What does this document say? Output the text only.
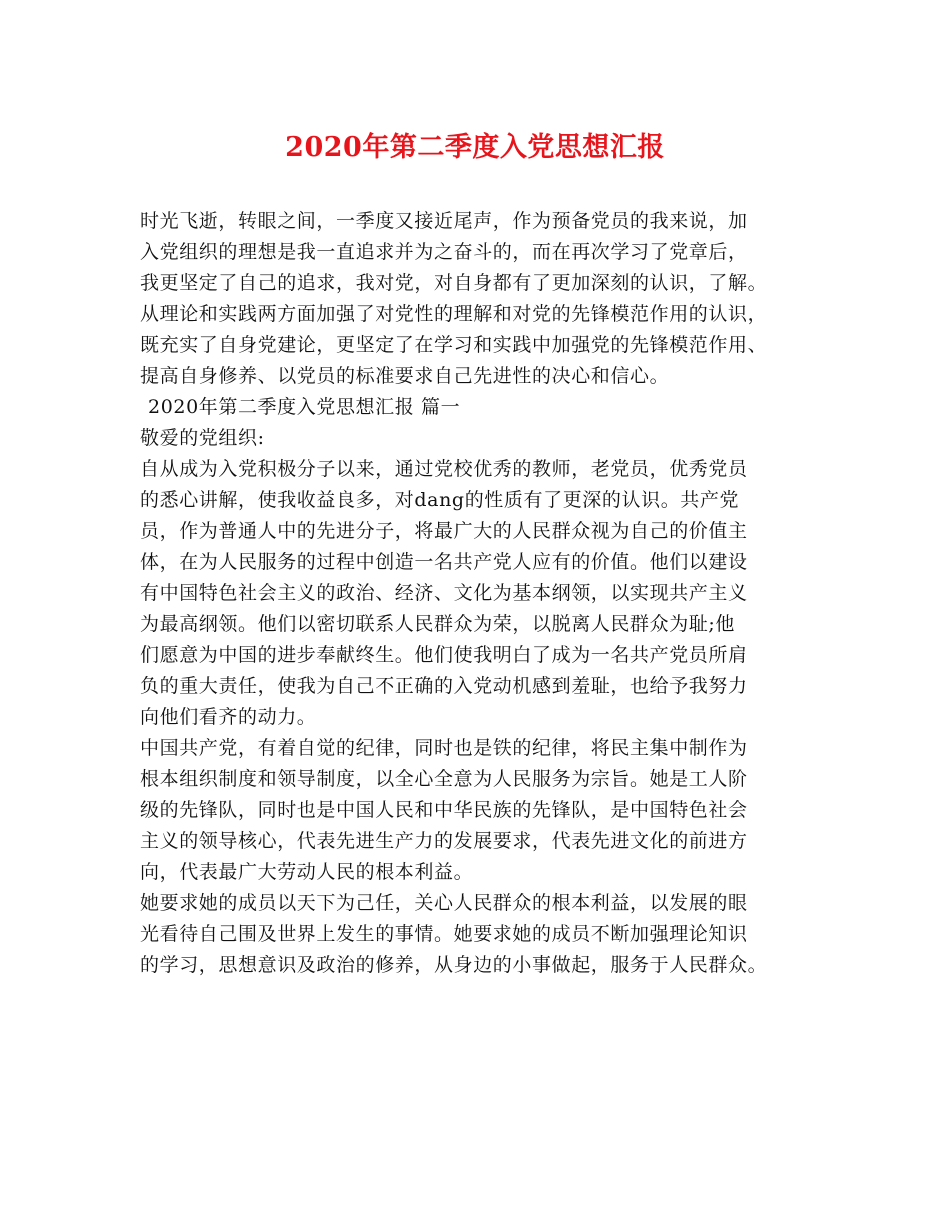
2020年第二季度入党思想汇报
时光飞逝，转眼之间，一季度又接近尾声，作为预备党员的我来说，加
入党组织的理想是我一直追求并为之奋斗的，而在再次学习了党章后，
我更坚定了自己的追求，我对党，对自身都有了更加深刻的认识，了解。
从理论和实践两方面加强了对党性的理解和对党的先锋模范作用的认识，
既充实了自身党建论，更坚定了在学习和实践中加强党的先锋模范作用、
提高自身修养、以党员的标准要求自己先进性的决心和信心。
2020年第二季度入党思想汇报 篇一
敬爱的党组织:
自从成为入党积极分子以来，通过党校优秀的教师，老党员，优秀党员
的悉心讲解，使我收益良多，对dang的性质有了更深的认识。共产党
员，作为普通人中的先进分子，将最广大的人民群众视为自己的价值主
体，在为人民服务的过程中创造一名共产党人应有的价值。他们以建设
有中国特色社会主义的政治、经济、文化为基本纲领，以实现共产主义
为最高纲领。他们以密切联系人民群众为荣，以脱离人民群众为耻;他
们愿意为中国的进步奉献终生。他们使我明白了成为一名共产党员所肩
负的重大责任，使我为自己不正确的入党动机感到羞耻，也给予我努力
向他们看齐的动力。
中国共产党，有着自觉的纪律，同时也是铁的纪律，将民主集中制作为
根本组织制度和领导制度，以全心全意为人民服务为宗旨。她是工人阶
级的先锋队，同时也是中国人民和中华民族的先锋队，是中国特色社会
主义的领导核心，代表先进生产力的发展要求，代表先进文化的前进方
向，代表最广大劳动人民的根本利益。
她要求她的成员以天下为己任，关心人民群众的根本利益，以发展的眼
光看待自己围及世界上发生的事情。她要求她的成员不断加强理论知识
的学习，思想意识及政治的修养，从身边的小事做起，服务于人民群众。
